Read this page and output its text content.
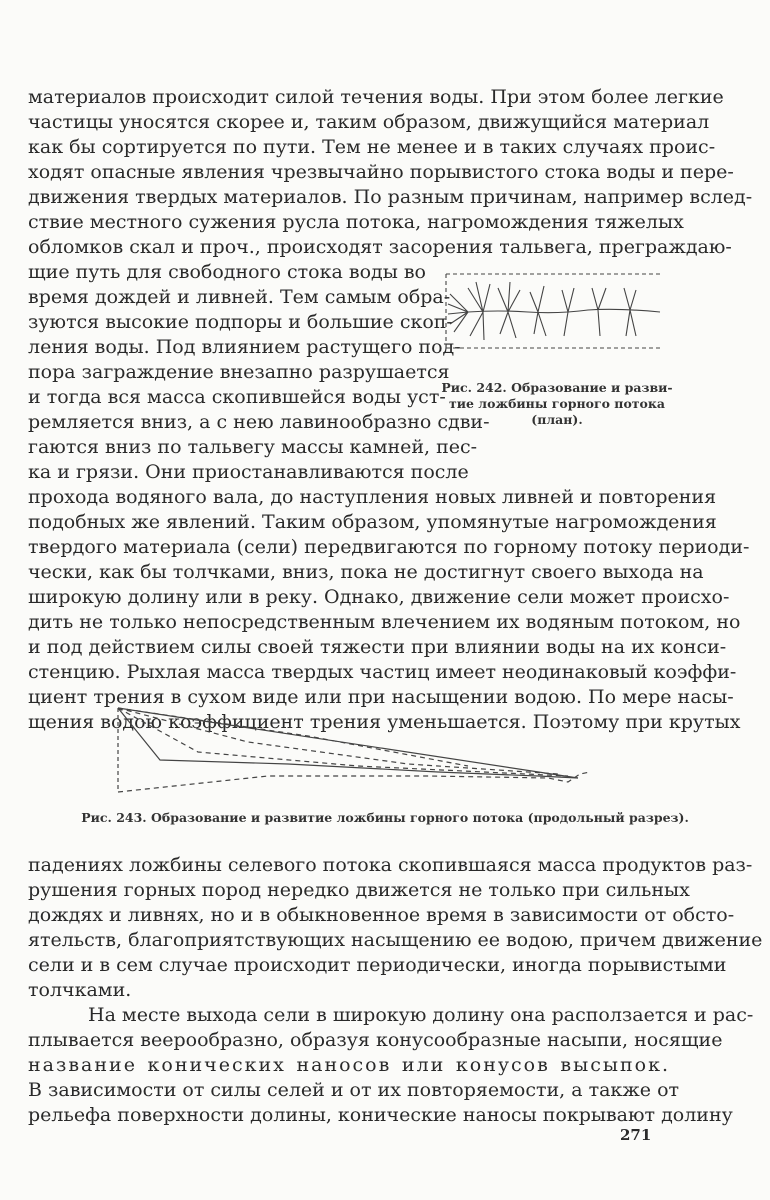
материалов происходит силой течения воды. При этом более легкие
частицы уносятся скорее и, таким образом, движущийся материал
как бы сортируется по пути. Тем не менее и в таких случаях проис-
ходят опасные явления чрезвычайно порывистого стока воды и пере-
движения твердых материалов. По разным причинам, например вслед-
ствие местного сужения русла потока, нагромождения тяжелых
обломков скал и проч., происходят засорения тальвега, преграждаю-
щие путь для свободного стока воды во
время дождей и ливней. Тем самым обра-
зуются высокие подпоры и большие скоп-
ления воды. Под влиянием растущего под-
пора заграждение внезапно разрушается
и тогда вся масса скопившейся воды уст-
ремляется вниз, а с нею лавинообразно сдви-
гаются вниз по тальвегу массы камней, пес-
ка и грязи. Они приостанавливаются после
Рис. 242. Образование и разви-
тие ложбины горного потока
(план).
прохода водяного вала, до наступления новых ливней и повторения
подобных же явлений. Таким образом, упомянутые нагромождения
твердого материала (сели) передвигаются по горному потоку периоди-
чески, как бы толчками, вниз, пока не достигнут своего выхода на
широкую долину или в реку. Однако, движение сели может происхо-
дить не только непосредственным влечением их водяным потоком, но
и под действием силы своей тяжести при влиянии воды на их конси-
стенцию. Рыхлая масса твердых частиц имеет неодинаковый коэффи-
циент трения в сухом виде или при насыщении водою. По мере насы-
щения водою коэффициент трения уменьшается. Поэтому при крутых
Рис. 243. Образование и развитие ложбины горного потока (продольный разрез).
падениях ложбины селевого потока скопившаяся масса продуктов раз-
рушения горных пород нередко движется не только при сильных
дождях и ливнях, но и в обыкновенное время в зависимости от обсто-
ятельств, благоприятствующих насыщению ее водою, причем движение
сели и в сем случае происходит периодически, иногда порывистыми
толчками.
На месте выхода сели в широкую долину она расползается и рас-
плывается веерообразно, образуя конусообразные насыпи, носящие
название конических наносов или конусов высыпок.
В зависимости от силы селей и от их повторяемости, а также от
рельефа поверхности долины, конические наносы покрывают долину
271
